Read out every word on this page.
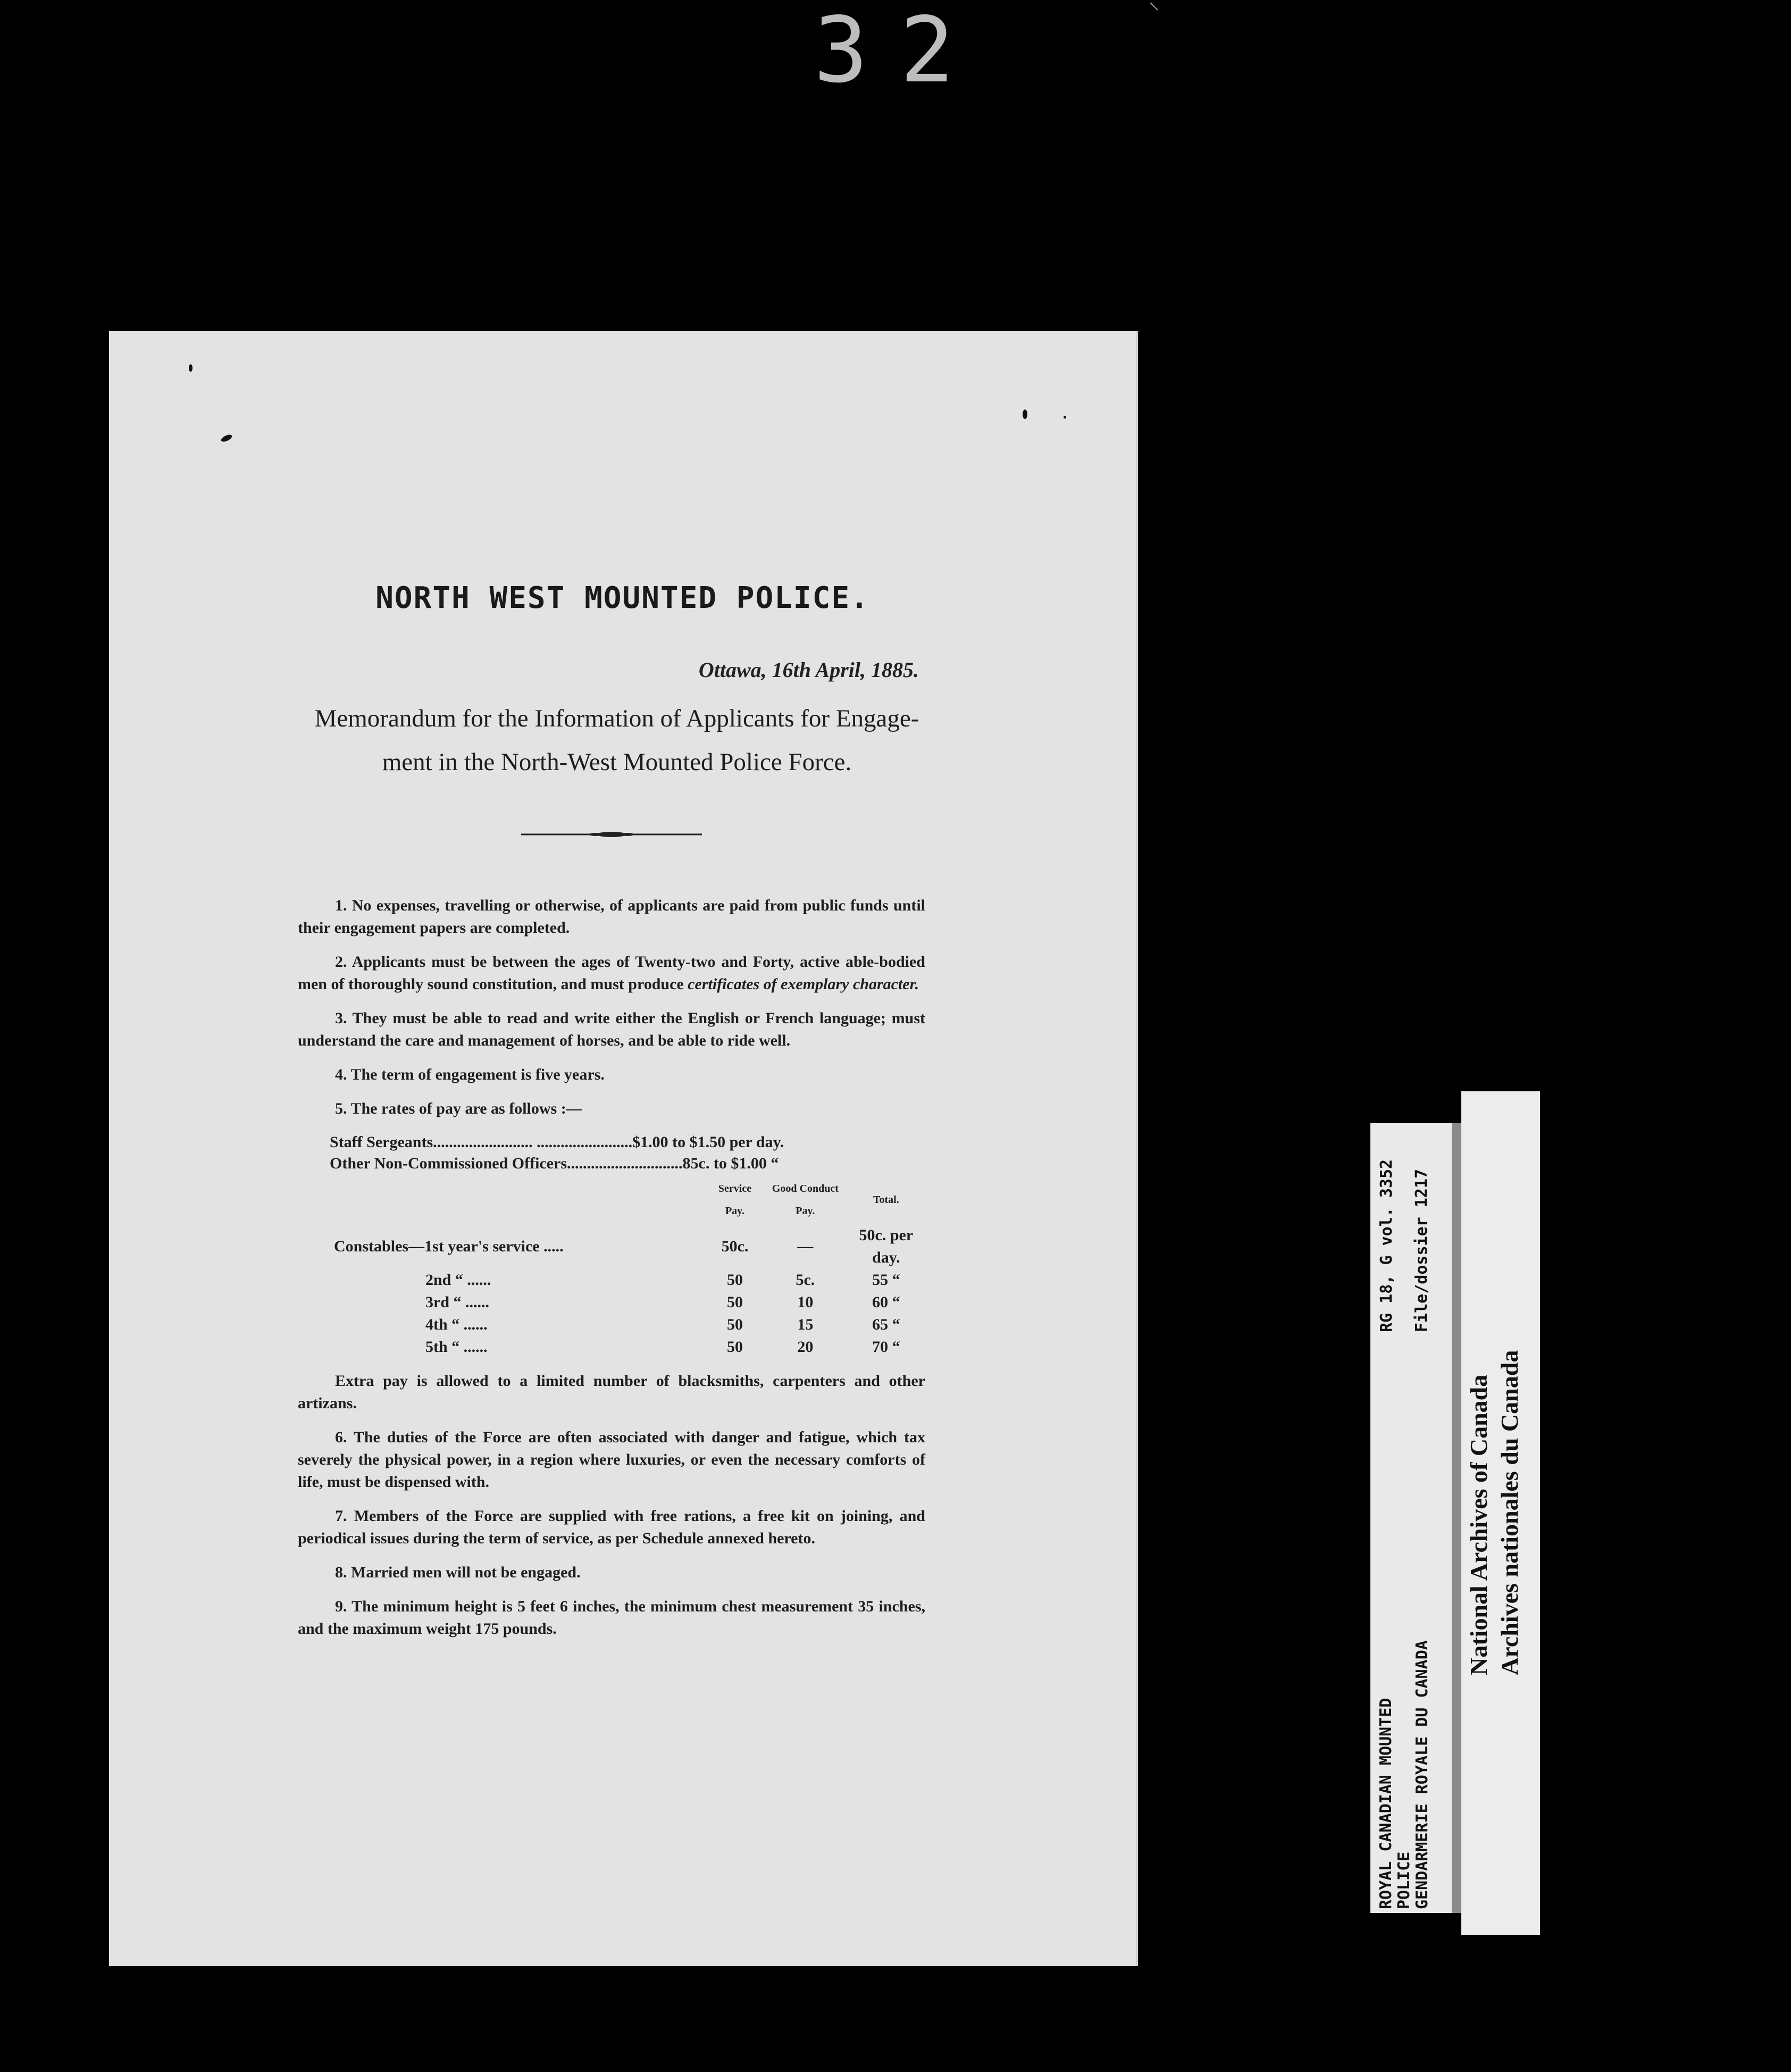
32	⸌
NORTH WEST MOUNTED POLICE.
Ottawa, 16th April, 1885.
Memorandum for the Information of Applicants for Engage-
ment in the North-West Mounted Police Force.

1. No expenses, travelling or otherwise, of applicants are paid from public funds until their engagement papers are completed.

2. Applicants must be between the ages of Twenty-two and Forty, active able-bodied men of thoroughly sound constitution, and must produce certificates of exemplary character.

3. They must be able to read and write either the English or French language; must understand the care and management of horses, and be able to ride well.

4. The term of engagement is five years.

5. The rates of pay are as follows :—

Staff Sergeants......................... ........................$1.00 to $1.50 per day.
Other Non-Commissioned Officers.............................85c. to $1.00 “
	Service Pay.	Good Conduct Pay.	Total.
Constables—1st year's service .....	50c.	—	50c. per day.
2nd “ ......	50	5c.	55 “
3rd “ ......	50	10	60 “
4th “ ......	50	15	65 “
5th “ ......	50	20	70 “

Extra pay is allowed to a limited number of blacksmiths, carpenters and other artizans.

6. The duties of the Force are often associated with danger and fatigue, which tax severely the physical power, in a region where luxuries, or even the necessary comforts of life, must be dispensed with.

7. Members of the Force are supplied with free rations, a free kit on joining, and periodical issues during the term of service, as per Schedule annexed hereto.

8. Married men will not be engaged.

9. The minimum height is 5 feet 6 inches, the minimum chest measurement 35 inches, and the maximum weight 175 pounds.

ROYAL CANADIAN MOUNTED POLICE GENDARMERIE ROYALE DU CANADA
RG 18, G vol. 3352 File/dossier 1217
National Archives of Canada Archives nationales du Canada
